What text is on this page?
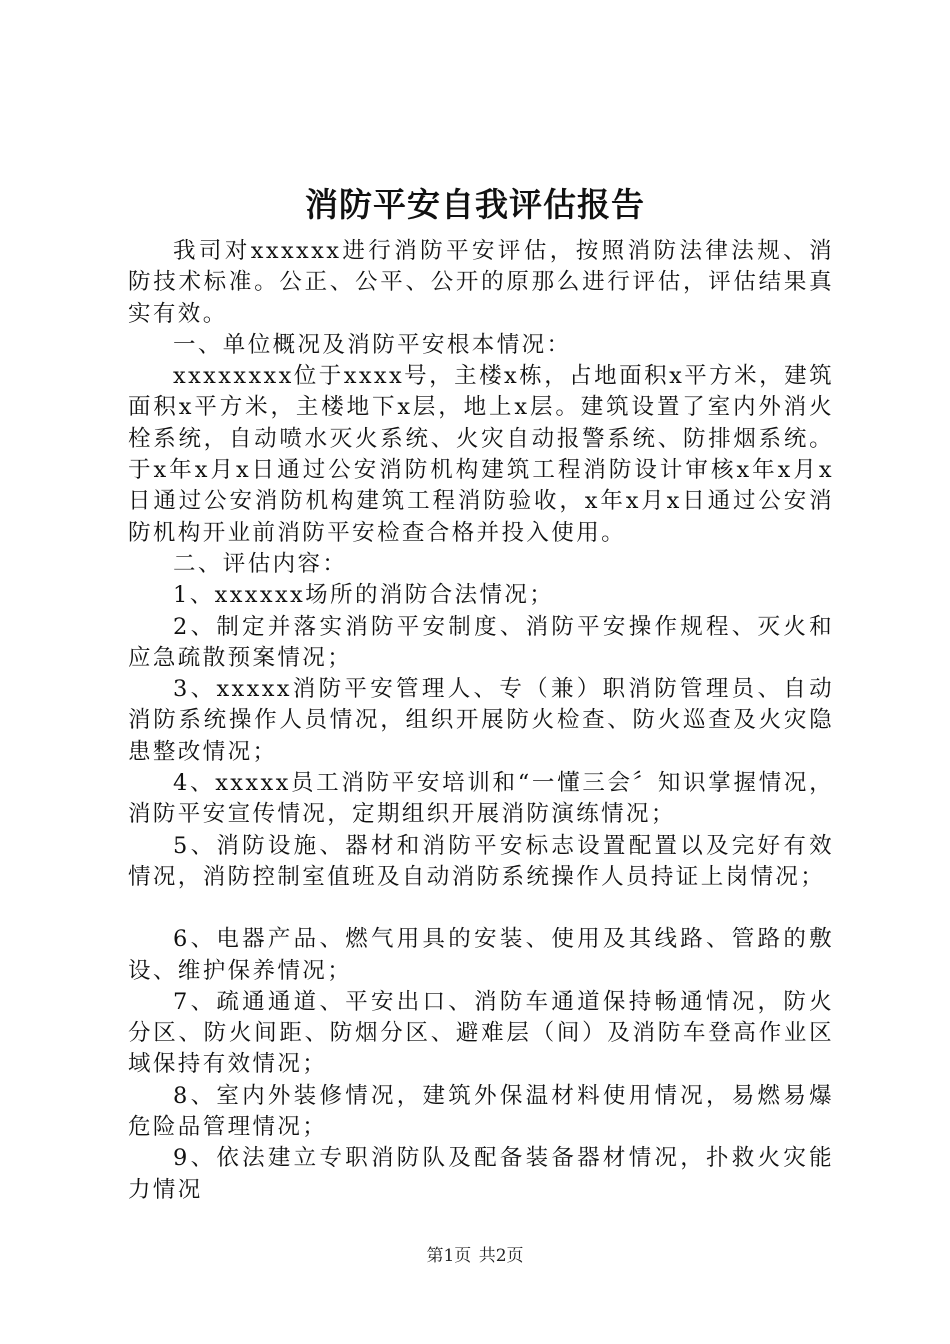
消防平安自我评估报告

我司对xxxxxx进行消防平安评估，按照消防法律法规、消防技术标准。公正、公平、公开的原那么进行评估，评估结果真实有效。

一、单位概况及消防平安根本情况：

xxxxxxxx位于xxxx号，主楼x栋，占地面积x平方米，建筑面积x平方米，主楼地下x层，地上x层。建筑设置了室内外消火栓系统，自动喷水灭火系统、火灾自动报警系统、防排烟系统。于x年x月x日通过公安消防机构建筑工程消防设计审核x年x月x日通过公安消防机构建筑工程消防验收，x年x月x日通过公安消防机构开业前消防平安检查合格并投入使用。

二、评估内容：

1、xxxxxx场所的消防合法情况；

2、制定并落实消防平安制度、消防平安操作规程、灭火和应急疏散预案情况；

3、xxxxx消防平安管理人、专（兼）职消防管理员、自动消防系统操作人员情况，组织开展防火检查、防火巡查及火灾隐患整改情况；

4、xxxxx员工消防平安培训和“一懂三会〞知识掌握情况，消防平安宣传情况，定期组织开展消防演练情况；

5、消防设施、器材和消防平安标志设置配置以及完好有效情况，消防控制室值班及自动消防系统操作人员持证上岗情况；

6、电器产品、燃气用具的安装、使用及其线路、管路的敷设、维护保养情况；

7、疏通通道、平安出口、消防车通道保持畅通情况，防火分区、防火间距、防烟分区、避难层（间）及消防车登高作业区域保持有效情况；

8、室内外装修情况，建筑外保温材料使用情况，易燃易爆危险品管理情况；

9、依法建立专职消防队及配备装备器材情况，扑救火灾能力情况

第1页 共2页
